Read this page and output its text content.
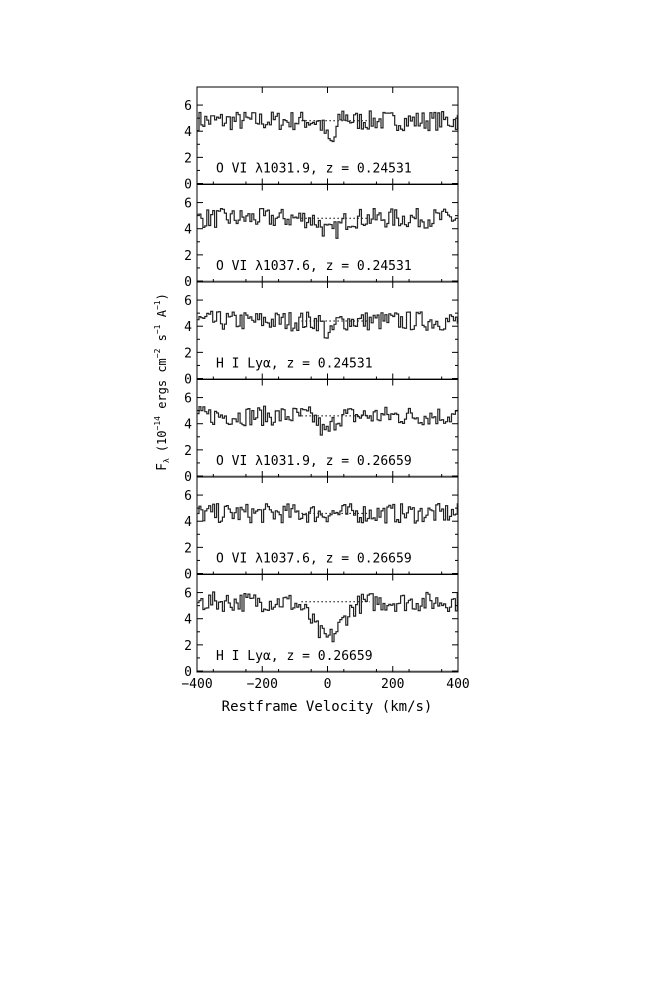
0
2
4
6
O VI λ1031.9, z = 0.24531
0
2
4
6
O VI λ1037.6, z = 0.24531
0
2
4
6
H I Lyα, z = 0.24531
0
2
4
6
O VI λ1031.9, z = 0.26659
0
2
4
6
O VI λ1037.6, z = 0.26659
0
2
4
6
H I Lyα, z = 0.26659
−400	−200	0	200	400
Restframe Velocity (km/s)
$F_\lambda(10^{-14}$ ergs $cm^{-2}$ $s^{-1}$ $A^{-1}$)
